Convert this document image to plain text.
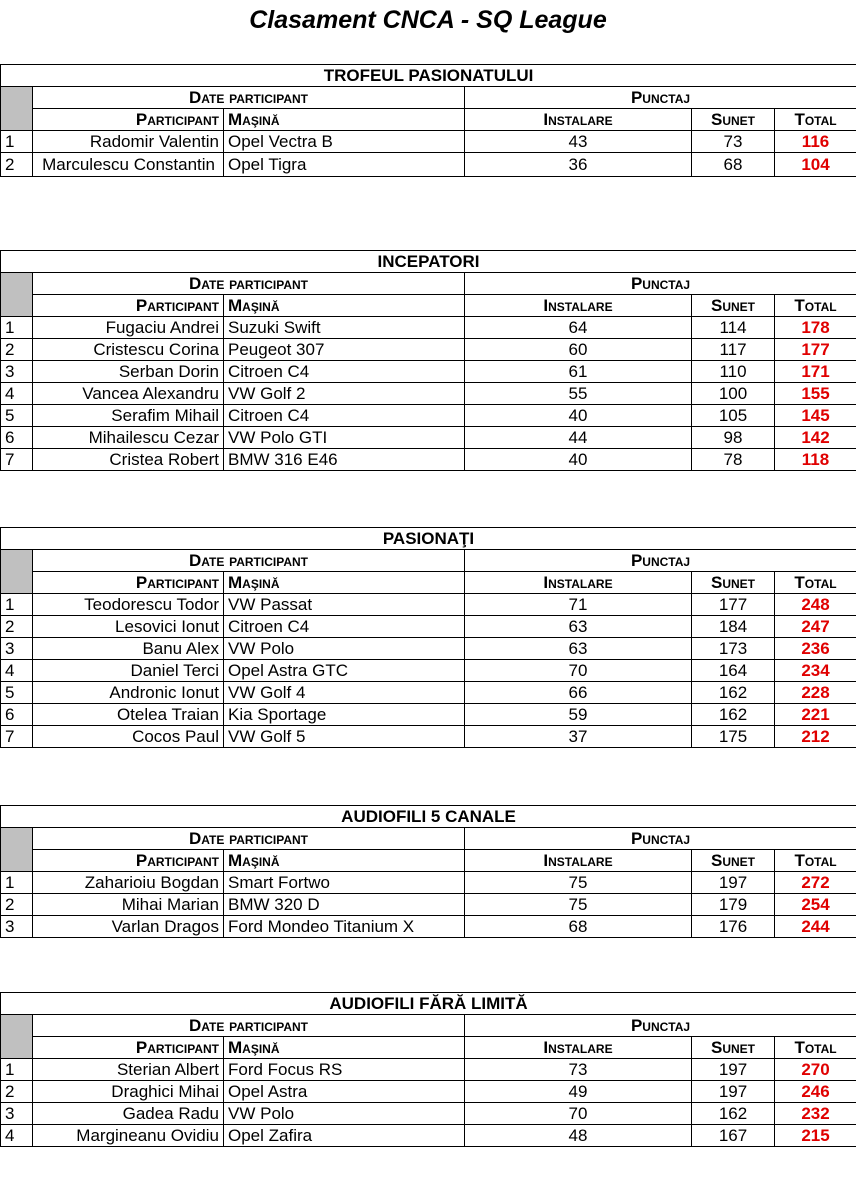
Clasament CNCA - SQ League
TROFEUL PASIONATULUI					
	Date participant		Punctaj		
	Participant	Maşină	Instalare	Sunet	Total
1	Radomir Valentin	Opel Vectra B	43	73	116
2	Marculescu Constantin	Opel Tigra	36	68	104
INCEPATORI					
	Date participant		Punctaj		
	Participant	Maşină	Instalare	Sunet	Total
1	Fugaciu Andrei	Suzuki Swift	64	114	178
2	Cristescu Corina	Peugeot 307	60	117	177
3	Serban Dorin	Citroen C4	61	110	171
4	Vancea Alexandru	VW Golf 2	55	100	155
5	Serafim Mihail	Citroen C4	40	105	145
6	Mihailescu Cezar	VW Polo GTI	44	98	142
7	Cristea Robert	BMW 316 E46	40	78	118
PASIONAŢI					
	Date participant		Punctaj		
	Participant	Maşină	Instalare	Sunet	Total
1	Teodorescu Todor	VW Passat	71	177	248
2	Lesovici Ionut	Citroen C4	63	184	247
3	Banu Alex	VW Polo	63	173	236
4	Daniel Terci	Opel Astra GTC	70	164	234
5	Andronic Ionut	VW Golf 4	66	162	228
6	Otelea Traian	Kia Sportage	59	162	221
7	Cocos Paul	VW Golf 5	37	175	212
AUDIOFILI 5 CANALE					
	Date participant		Punctaj		
	Participant	Maşină	Instalare	Sunet	Total
1	Zaharioiu Bogdan	Smart Fortwo	75	197	272
2	Mihai Marian	BMW 320 D	75	179	254
3	Varlan Dragos	Ford Mondeo Titanium X	68	176	244
AUDIOFILI FĂRĂ LIMITĂ					
	Date participant		Punctaj		
	Participant	Maşină	Instalare	Sunet	Total
1	Sterian Albert	Ford Focus RS	73	197	270
2	Draghici Mihai	Opel Astra	49	197	246
3	Gadea Radu	VW Polo	70	162	232
4	Margineanu Ovidiu	Opel Zafira	48	167	215
